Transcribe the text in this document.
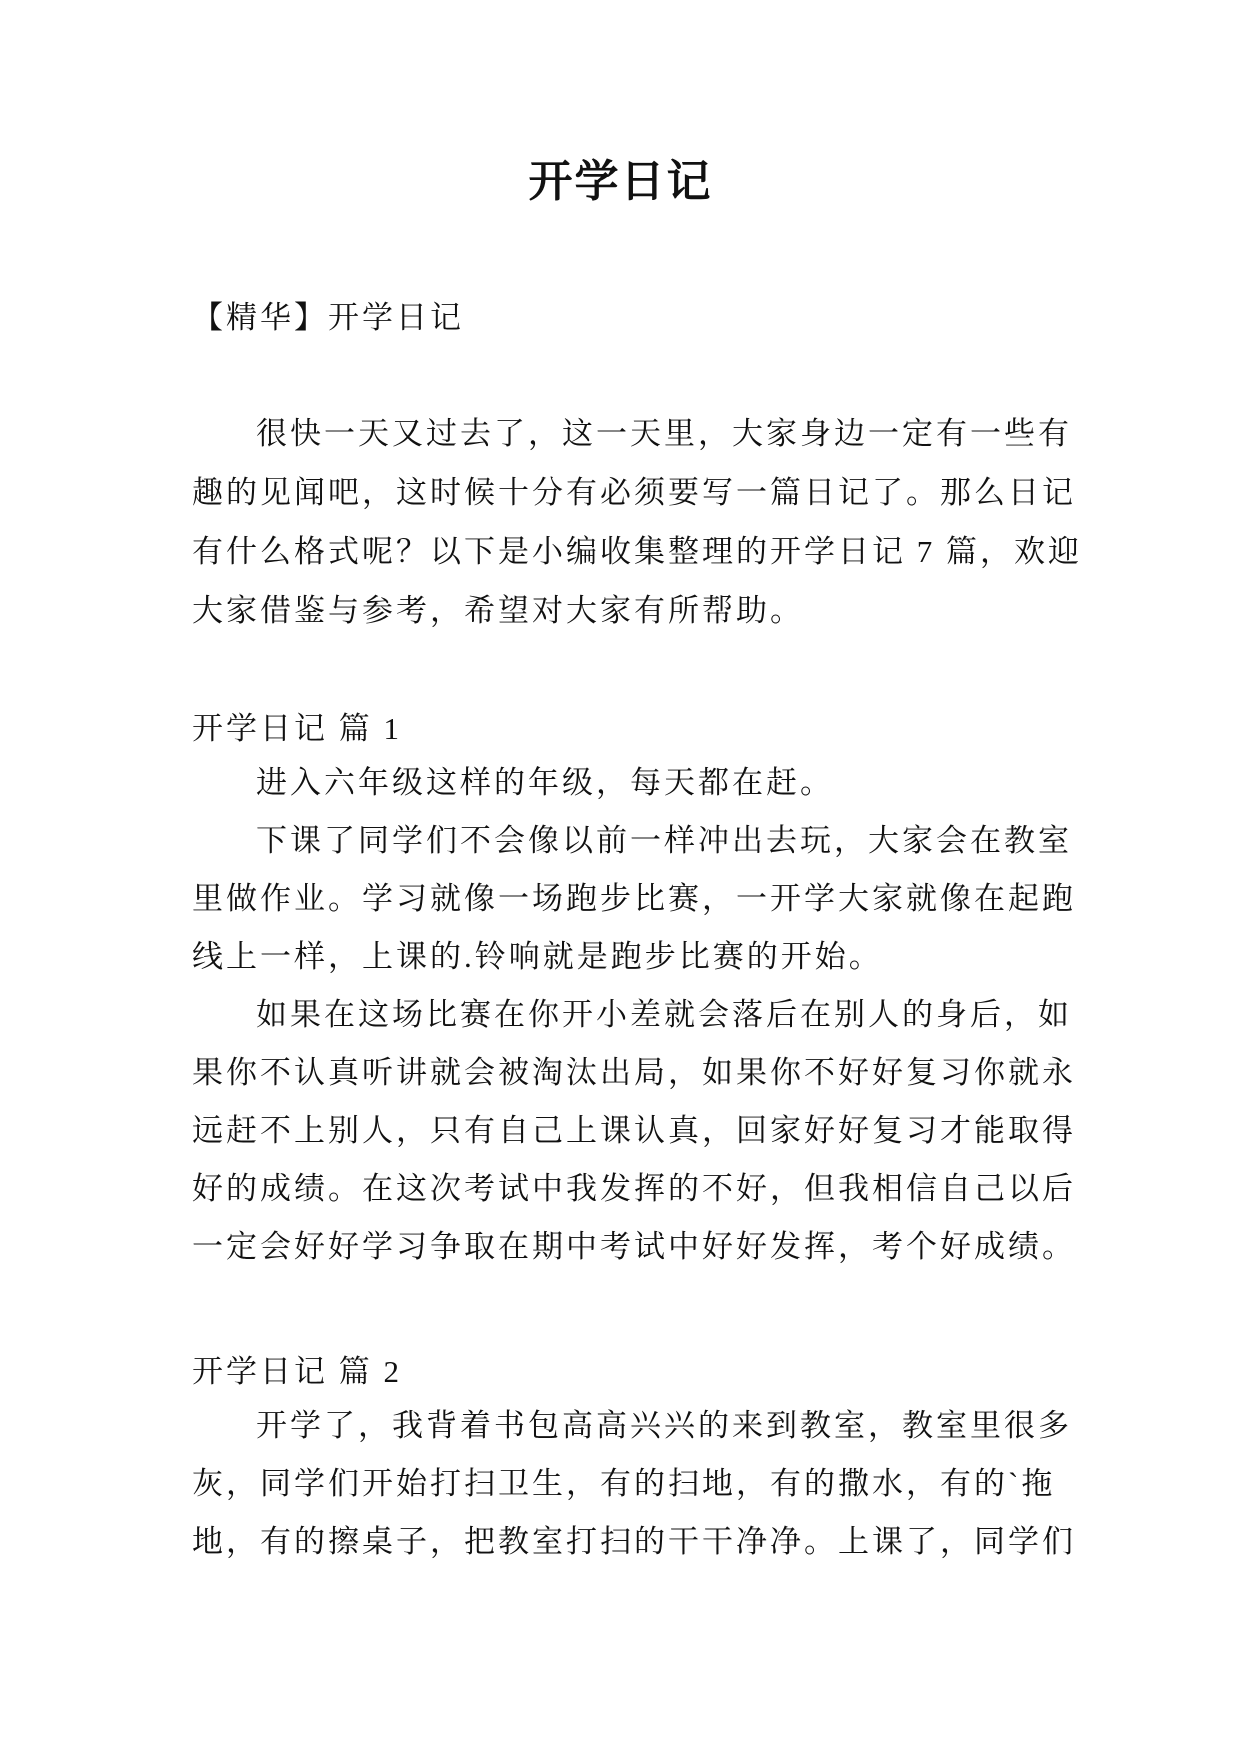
开学日记
【精华】开学日记
很快一天又过去了，这一天里，大家身边一定有一些有
趣的见闻吧，这时候十分有必须要写一篇日记了。那么日记
有什么格式呢？以下是小编收集整理的开学日记 7 篇，欢迎
大家借鉴与参考，希望对大家有所帮助。
开学日记 篇 1
进入六年级这样的年级，每天都在赶。
下课了同学们不会像以前一样冲出去玩，大家会在教室
里做作业。学习就像一场跑步比赛，一开学大家就像在起跑
线上一样，上课的.铃响就是跑步比赛的开始。
如果在这场比赛在你开小差就会落后在别人的身后，如
果你不认真听讲就会被淘汰出局，如果你不好好复习你就永
远赶不上别人，只有自己上课认真，回家好好复习才能取得
好的成绩。在这次考试中我发挥的不好，但我相信自己以后
一定会好好学习争取在期中考试中好好发挥，考个好成绩。
开学日记 篇 2
开学了，我背着书包高高兴兴的来到教室，教室里很多
灰，同学们开始打扫卫生，有的扫地，有的撒水，有的`拖
地，有的擦桌子，把教室打扫的干干净净。上课了，同学们
